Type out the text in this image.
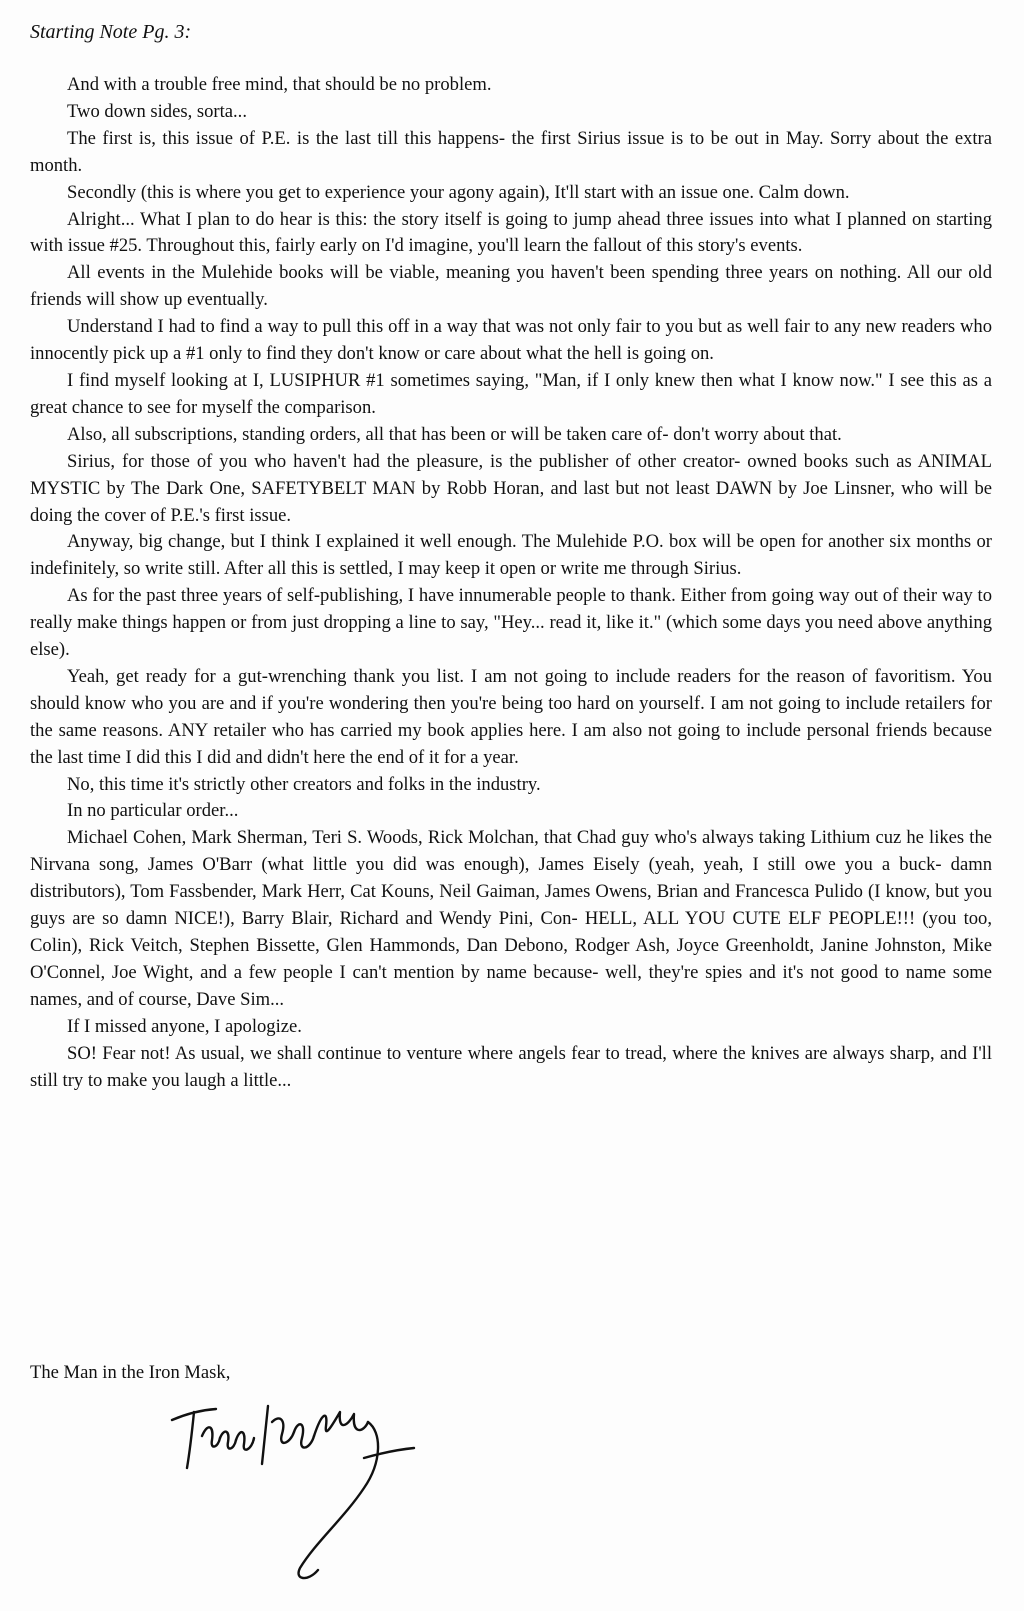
Starting Note Pg. 3:

And with a trouble free mind, that should be no problem.

Two down sides, sorta...

The first is, this issue of P.E. is the last till this happens- the first Sirius issue is to be out in May. Sorry about the extra month.

Secondly (this is where you get to experience your agony again), It'll start with an issue one. Calm down.

Alright... What I plan to do hear is this: the story itself is going to jump ahead three issues into what I planned on starting with issue #25. Throughout this, fairly early on I'd imagine, you'll learn the fallout of this story's events.

All events in the Mulehide books will be viable, meaning you haven't been spending three years on nothing. All our old friends will show up eventually.

Understand I had to find a way to pull this off in a way that was not only fair to you but as well fair to any new readers who innocently pick up a #1 only to find they don't know or care about what the hell is going on.

I find myself looking at I, LUSIPHUR #1 sometimes saying, "Man, if I only knew then what I know now." I see this as a great chance to see for myself the comparison.

Also, all subscriptions, standing orders, all that has been or will be taken care of- don't worry about that.

Sirius, for those of you who haven't had the pleasure, is the publisher of other creator- owned books such as ANIMAL MYSTIC by The Dark One, SAFETYBELT MAN by Robb Horan, and last but not least DAWN by Joe Linsner, who will be doing the cover of P.E.'s first issue.

Anyway, big change, but I think I explained it well enough. The Mulehide P.O. box will be open for another six months or indefinitely, so write still. After all this is settled, I may keep it open or write me through Sirius.

As for the past three years of self-publishing, I have innumerable people to thank. Either from going way out of their way to really make things happen or from just dropping a line to say, "Hey... read it, like it." (which some days you need above anything else).

Yeah, get ready for a gut-wrenching thank you list. I am not going to include readers for the reason of favoritism. You should know who you are and if you're wondering then you're being too hard on yourself. I am not going to include retailers for the same reasons. ANY retailer who has carried my book applies here. I am also not going to include personal friends because the last time I did this I did and didn't here the end of it for a year.

No, this time it's strictly other creators and folks in the industry.

In no particular order...

Michael Cohen, Mark Sherman, Teri S. Woods, Rick Molchan, that Chad guy who's always taking Lithium cuz he likes the Nirvana song, James O'Barr (what little you did was enough), James Eisely (yeah, yeah, I still owe you a buck- damn distributors), Tom Fassbender, Mark Herr, Cat Kouns, Neil Gaiman, James Owens, Brian and Francesca Pulido (I know, but you guys are so damn NICE!), Barry Blair, Richard and Wendy Pini, Con- HELL, ALL YOU CUTE ELF PEOPLE!!! (you too, Colin), Rick Veitch, Stephen Bissette, Glen Hammonds, Dan Debono, Rodger Ash, Joyce Greenholdt, Janine Johnston, Mike O'Connel, Joe Wight, and a few people I can't mention by name because- well, they're spies and it's not good to name some names, and of course, Dave Sim...

If I missed anyone, I apologize.

SO! Fear not! As usual, we shall continue to venture where angels fear to tread, where the knives are always sharp, and I'll still try to make you laugh a little...

The Man in the Iron Mask,
